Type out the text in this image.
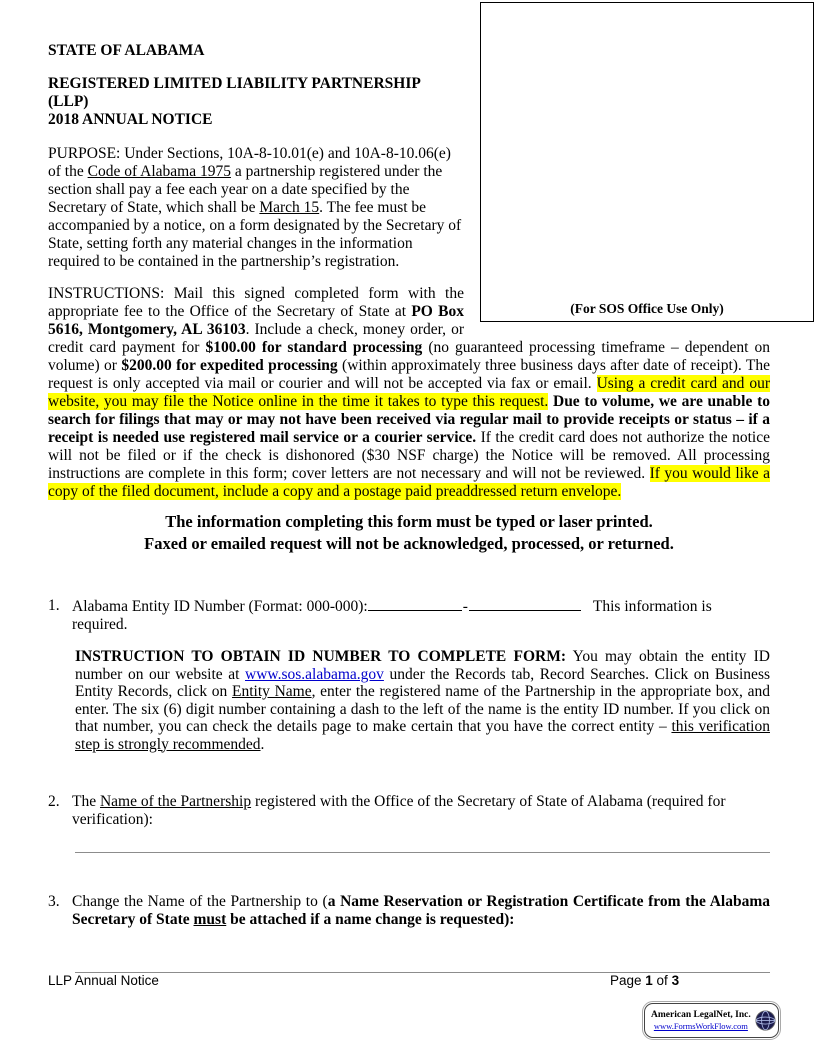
(For SOS Office Use Only)
STATE OF ALABAMA
REGISTERED LIMITED LIABILITY PARTNERSHIP (LLP)
2018 ANNUAL NOTICE

PURPOSE: Under Sections, 10A-8-10.01(e) and 10A-8-10.06(e) of the Code of Alabama 1975 a partnership registered under the section shall pay a fee each year on a date specified by the Secretary of State, which shall be March 15. The fee must be accompanied by a notice, on a form designated by the Secretary of State, setting forth any material changes in the information required to be contained in the partnership’s registration.

INSTRUCTIONS: Mail this signed completed form with the appropriate fee to the Office of the Secretary of State at PO Box 5616, Montgomery, AL 36103. Include a check, money order, or credit card payment for $100.00 for standard processing (no guaranteed processing timeframe – dependent on volume) or $200.00 for expedited processing (within approximately three business days after date of receipt). The request is only accepted via mail or courier and will not be accepted via fax or email. Using a credit card and our website, you may file the Notice online in the time it takes to type this request. Due to volume, we are unable to search for filings that may or may not have been received via regular mail to provide receipts or status – if a receipt is needed use registered mail service or a courier service. If the credit card does not authorize the notice will not be filed or if the check is dishonored ($30 NSF charge) the Notice will be removed. All processing instructions are complete in this form; cover letters are not necessary and will not be reviewed. If you would like a copy of the filed document, include a copy and a postage paid preaddressed return envelope.

The information completing this form must be typed or laser printed.
Faxed or emailed request will not be acknowledged, processed, or returned.
1. Alabama Entity ID Number (Format: 000-000):	-	This information is required.

INSTRUCTION TO OBTAIN ID NUMBER TO COMPLETE FORM: You may obtain the entity ID number on our website at www.sos.alabama.gov under the Records tab, Record Searches. Click on Business Entity Records, click on Entity Name, enter the registered name of the Partnership in the appropriate box, and enter. The six (6) digit number containing a dash to the left of the name is the entity ID number. If you click on that number, you can check the details page to make certain that you have the correct entity – this verification step is strongly recommended.

2. The Name of the Partnership registered with the Office of the Secretary of State of Alabama (required for verification):
3. Change the Name of the Partnership to (a Name Reservation or Registration Certificate from the Alabama Secretary of State must be attached if a name change is requested):
LLP Annual Notice	Page 1 of 3
American LegalNet, Inc.
www.FormsWorkFlow.com
